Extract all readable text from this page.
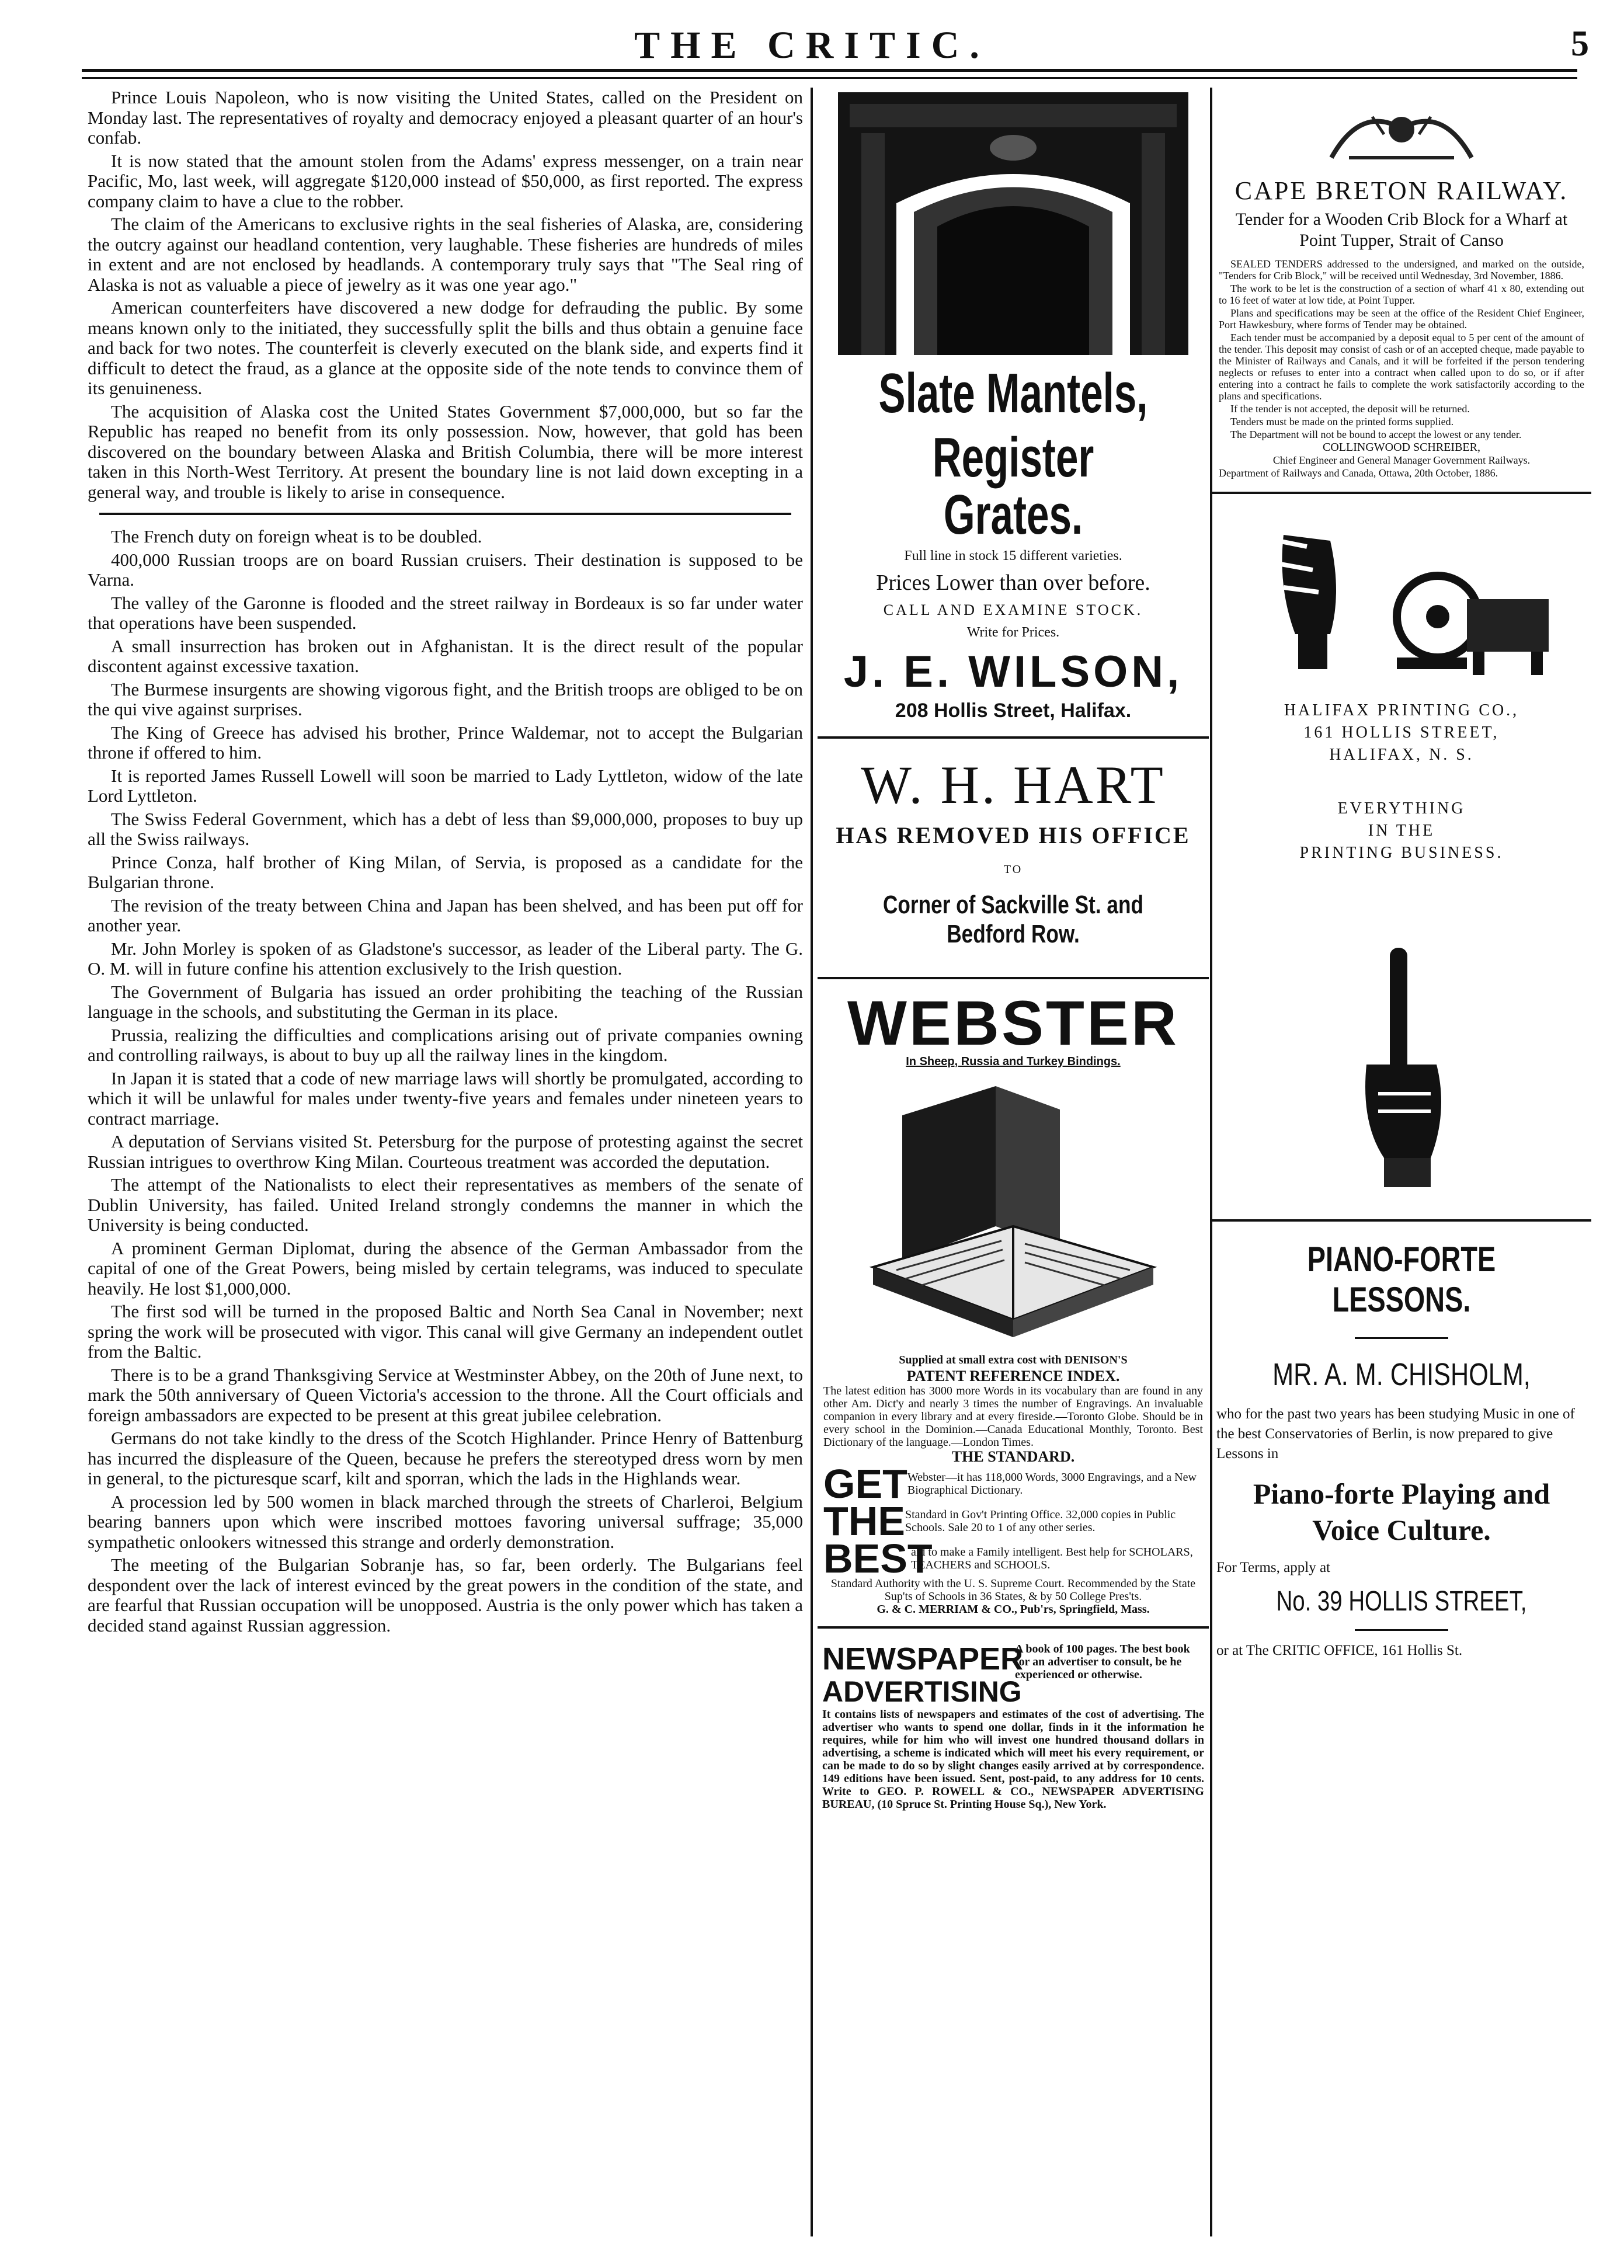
THE CRITIC.	5

Prince Louis Napoleon, who is now visiting the United States, called on the President on Monday last. The representatives of royalty and democracy enjoyed a pleasant quarter of an hour's confab.

It is now stated that the amount stolen from the Adams' express messenger, on a train near Pacific, Mo, last week, will aggregate $120,000 instead of $50,000, as first reported. The express company claim to have a clue to the robber.

The claim of the Americans to exclusive rights in the seal fisheries of Alaska, are, considering the outcry against our headland contention, very laughable. These fisheries are hundreds of miles in extent and are not enclosed by headlands. A contemporary truly says that "The Seal ring of Alaska is not as valuable a piece of jewelry as it was one year ago."

American counterfeiters have discovered a new dodge for defrauding the public. By some means known only to the initiated, they successfully split the bills and thus obtain a genuine face and back for two notes. The counterfeit is cleverly executed on the blank side, and experts find it difficult to detect the fraud, as a glance at the opposite side of the note tends to convince them of its genuineness.

The acquisition of Alaska cost the United States Government $7,000,000, but so far the Republic has reaped no benefit from its only possession. Now, however, that gold has been discovered on the boundary between Alaska and British Columbia, there will be more interest taken in this North-West Territory. At present the boundary line is not laid down excepting in a general way, and trouble is likely to arise in consequence.

The French duty on foreign wheat is to be doubled.

400,000 Russian troops are on board Russian cruisers. Their destination is supposed to be Varna.

The valley of the Garonne is flooded and the street railway in Bordeaux is so far under water that operations have been suspended.

A small insurrection has broken out in Afghanistan. It is the direct result of the popular discontent against excessive taxation.

The Burmese insurgents are showing vigorous fight, and the British troops are obliged to be on the qui vive against surprises.

The King of Greece has advised his brother, Prince Waldemar, not to accept the Bulgarian throne if offered to him.

It is reported James Russell Lowell will soon be married to Lady Lyttleton, widow of the late Lord Lyttleton.

The Swiss Federal Government, which has a debt of less than $9,000,000, proposes to buy up all the Swiss railways.

Prince Conza, half brother of King Milan, of Servia, is proposed as a candidate for the Bulgarian throne.

The revision of the treaty between China and Japan has been shelved, and has been put off for another year.

Mr. John Morley is spoken of as Gladstone's successor, as leader of the Liberal party. The G. O. M. will in future confine his attention exclusively to the Irish question.

The Government of Bulgaria has issued an order prohibiting the teaching of the Russian language in the schools, and substituting the German in its place.

Prussia, realizing the difficulties and complications arising out of private companies owning and controlling railways, is about to buy up all the railway lines in the kingdom.

In Japan it is stated that a code of new marriage laws will shortly be promulgated, according to which it will be unlawful for males under twenty-five years and females under nineteen years to contract marriage.

A deputation of Servians visited St. Petersburg for the purpose of protesting against the secret Russian intrigues to overthrow King Milan. Courteous treatment was accorded the deputation.

The attempt of the Nationalists to elect their representatives as members of the senate of Dublin University, has failed. United Ireland strongly condemns the manner in which the University is being conducted.

A prominent German Diplomat, during the absence of the German Ambassador from the capital of one of the Great Powers, being misled by certain telegrams, was induced to speculate heavily. He lost $1,000,000.

The first sod will be turned in the proposed Baltic and North Sea Canal in November; next spring the work will be prosecuted with vigor. This canal will give Germany an independent outlet from the Baltic.

There is to be a grand Thanksgiving Service at Westminster Abbey, on the 20th of June next, to mark the 50th anniversary of Queen Victoria's accession to the throne. All the Court officials and foreign ambassadors are expected to be present at this great jubilee celebration.

Germans do not take kindly to the dress of the Scotch Highlander. Prince Henry of Battenburg has incurred the displeasure of the Queen, because he prefers the stereotyped dress worn by men in general, to the picturesque scarf, kilt and sporran, which the lads in the Highlands wear.

A procession led by 500 women in black marched through the streets of Charleroi, Belgium bearing banners upon which were inscribed mottoes favoring universal suffrage; 35,000 sympathetic onlookers witnessed this strange and orderly demonstration.

The meeting of the Bulgarian Sobranje has, so far, been orderly. The Bulgarians feel despondent over the lack of interest evinced by the great powers in the condition of the state, and are fearful that Russian occupation will be unopposed. Austria is the only power which has taken a decided stand against Russian aggression.

Slate Mantels,
Register Grates.
Full line in stock 15 different varieties.
Prices Lower than over before.
CALL AND EXAMINE STOCK.
Write for Prices.
J. E. WILSON,
208 Hollis Street, Halifax.
W. H. HART
HAS REMOVED HIS OFFICE
TO
Corner of Sackville St. and Bedford Row.
WEBSTER
In Sheep, Russia and Turkey Bindings.
Supplied at small extra cost with DENISON'S
PATENT REFERENCE INDEX.
The latest edition has 3000 more Words in its vocabulary than are found in any other Am. Dict'y and nearly 3 times the number of Engravings. An invaluable companion in every library and at every fireside.—Toronto Globe. Should be in every school in the Dominion.—Canada Educational Monthly, Toronto. Best Dictionary of the language.—London Times.
THE STANDARD.
GET Webster—it has 118,000 Words, 3000 Engravings, and a New Biographical Dictionary.
THE Standard in Gov't Printing Office. 32,000 copies in Public Schools. Sale 20 to 1 of any other series.
BEST
aid to make a Family intelligent. Best help for SCHOLARS, TEACHERS and SCHOOLS.
Standard Authority with the U. S. Supreme Court. Recommended by the State Sup'ts of Schools in 36 States, & by 50 College Pres'ts.
G. & C. MERRIAM & CO., Pub'rs, Springfield, Mass.
NEWSPAPER
ADVERTISING
A book of 100 pages. The best book for an advertiser to consult, be he experienced or otherwise.
It contains lists of newspapers and estimates of the cost of advertising. The advertiser who wants to spend one dollar, finds in it the information he requires, while for him who will invest one hundred thousand dollars in advertising, a scheme is indicated which will meet his every requirement, or can be made to do so by slight changes easily arrived at by correspondence. 149 editions have been issued. Sent, post-paid, to any address for 10 cents. Write to GEO. P. ROWELL & CO., NEWSPAPER ADVERTISING BUREAU, (10 Spruce St. Printing House Sq.), New York.
CAPE BRETON RAILWAY.
Tender for a Wooden Crib Block for a Wharf at Point Tupper, Strait of Canso
SEALED TENDERS addressed to the undersigned, and marked on the outside, "Tenders for Crib Block," will be received until Wednesday, 3rd November, 1886.
The work to be let is the construction of a section of wharf 41 x 80, extending out to 16 feet of water at low tide, at Point Tupper.
Plans and specifications may be seen at the office of the Resident Chief Engineer, Port Hawkesbury, where forms of Tender may be obtained.
Each tender must be accompanied by a deposit equal to 5 per cent of the amount of the tender. This deposit may consist of cash or of an accepted cheque, made payable to the Minister of Railways and Canals, and it will be forfeited if the person tendering neglects or refuses to enter into a contract when called upon to do so, or if after entering into a contract he fails to complete the work satisfactorily according to the plans and specifications.
If the tender is not accepted, the deposit will be returned.
Tenders must be made on the printed forms supplied.
The Department will not be bound to accept the lowest or any tender.
COLLINGWOOD SCHREIBER,
Chief Engineer and General Manager Government Railways.
Department of Railways and Canada, Ottawa, 20th October, 1886.

HALIFAX PRINTING CO.,
161 HOLLIS STREET,
HALIFAX, N. S.
EVERYTHING
IN THE
PRINTING BUSINESS.
PIANO-FORTE LESSONS.
MR. A. M. CHISHOLM,
who for the past two years has been studying Music in one of the best Conservatories of Berlin, is now prepared to give Lessons in
Piano-forte Playing and Voice Culture.
For Terms, apply at
No. 39 HOLLIS STREET,
or at The CRITIC OFFICE, 161 Hollis St.
